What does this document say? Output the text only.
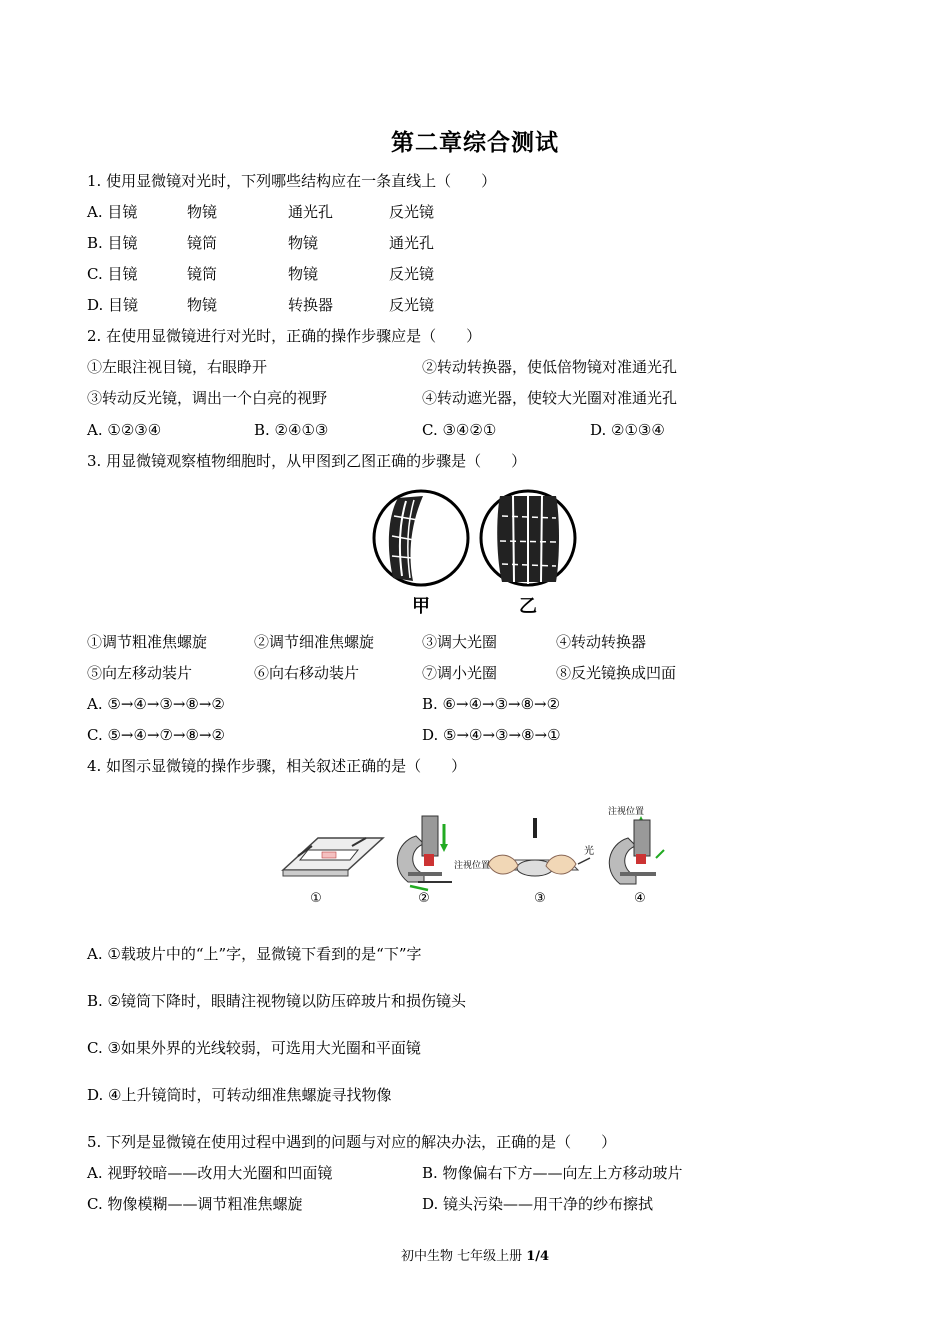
第二章综合测试
1. 使用显微镜对光时，下列哪些结构应在一条直线上（　　）
A. 目镜	物镜	通光孔	反光镜
B. 目镜	镜筒	物镜	通光孔
C. 目镜	镜筒	物镜	反光镜
D. 目镜	物镜	转换器	反光镜
2. 在使用显微镜进行对光时，正确的操作步骤应是（　　）
①左眼注视目镜，右眼睁开	②转动转换器，使低倍物镜对准通光孔
③转动反光镜，调出一个白亮的视野	④转动遮光器，使较大光圈对准通光孔
A. ①②③④	B. ②④①③	C. ③④②①	D. ②①③④
3. 用显微镜观察植物细胞时，从甲图到乙图正确的步骤是（　　）
甲	乙
①调节粗准焦螺旋	②调节细准焦螺旋	③调大光圈	④转动转换器
⑤向左移动装片	⑥向右移动装片	⑦调小光圈	⑧反光镜换成凹面
A. ⑤→④→③→⑧→②	B. ⑥→④→③→⑧→②
C. ⑤→④→⑦→⑧→②	D. ⑤→④→③→⑧→①
4. 如图示显微镜的操作步骤，相关叙述正确的是（　　）
①	②	③	④
注视位置
注视位置
光
A. ①载玻片中的“上”字，显微镜下看到的是“下”字
B. ②镜筒下降时，眼睛注视物镜以防压碎玻片和损伤镜头
C. ③如果外界的光线较弱，可选用大光圈和平面镜
D. ④上升镜筒时，可转动细准焦螺旋寻找物像
5. 下列是显微镜在使用过程中遇到的问题与对应的解决办法，正确的是（　　）
A. 视野较暗——改用大光圈和凹面镜	B. 物像偏右下方——向左上方移动玻片
C. 物像模糊——调节粗准焦螺旋	D. 镜头污染——用干净的纱布擦拭
初中生物 七年级上册 1/4
